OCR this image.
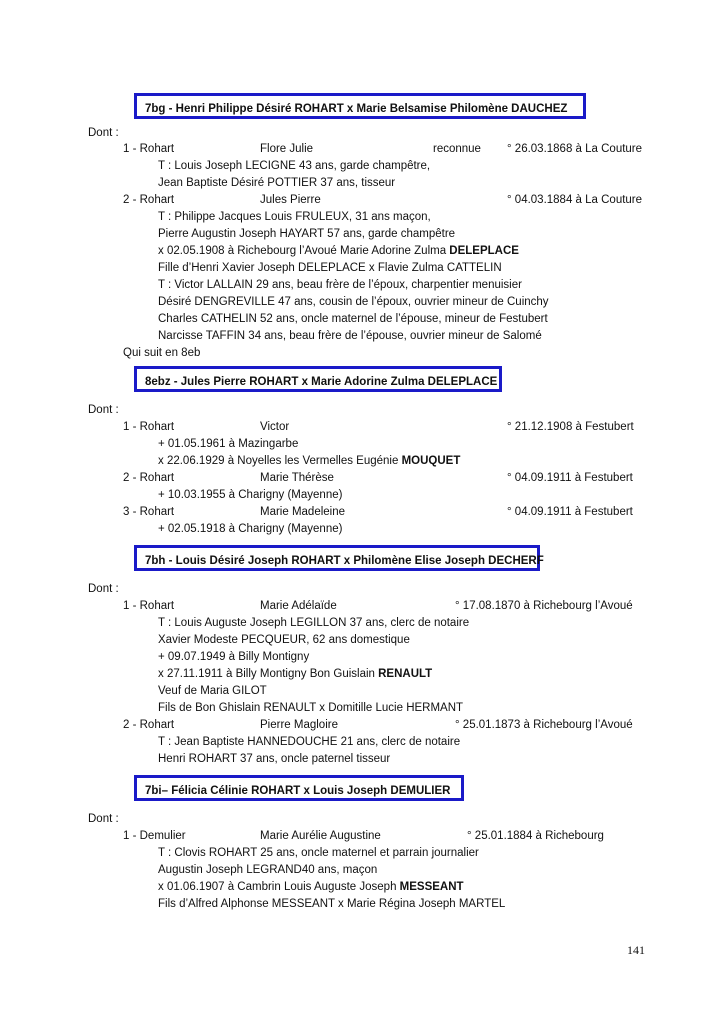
7bg - Henri Philippe Désiré ROHART x Marie Belsamise Philomène DAUCHEZ
Dont :
1 - Rohart	Flore Julie	reconnue ° 26.03.1868 à La Couture
T : Louis Joseph LECIGNE 43 ans, garde champêtre,
Jean Baptiste Désiré POTTIER 37 ans, tisseur
2 - Rohart	Jules Pierre	° 04.03.1884 à La Couture
T : Philippe Jacques Louis FRULEUX, 31 ans maçon,
Pierre Augustin Joseph HAYART 57 ans, garde champêtre
x 02.05.1908 à Richebourg l’Avoué Marie Adorine Zulma DELEPLACE
Fille d’Henri Xavier Joseph DELEPLACE x Flavie Zulma CATTELIN
T : Victor LALLAIN 29 ans, beau frère de l’époux, charpentier menuisier
Désiré DENGREVILLE 47 ans, cousin de l’époux, ouvrier mineur de Cuinchy
Charles CATHELIN 52 ans, oncle maternel de l’épouse, mineur de Festubert
Narcisse TAFFIN 34 ans, beau frère de l’épouse, ouvrier mineur de Salomé
Qui suit en 8eb
8ebz - Jules Pierre ROHART x Marie Adorine Zulma DELEPLACE
Dont :
1 - Rohart	Victor	° 21.12.1908 à Festubert
+ 01.05.1961 à Mazingarbe
x 22.06.1929 à Noyelles les Vermelles Eugénie MOUQUET
2 - Rohart	Marie Thérèse	° 04.09.1911 à Festubert
+ 10.03.1955 à Charigny (Mayenne)
3 - Rohart	Marie Madeleine	° 04.09.1911 à Festubert
+ 02.05.1918 à Charigny (Mayenne)
7bh - Louis Désiré Joseph ROHART x Philomène Elise Joseph DECHERF
Dont :
1 - Rohart	Marie Adélaïde	° 17.08.1870 à Richebourg l’Avoué
T : Louis Auguste Joseph LEGILLON 37 ans, clerc de notaire
Xavier Modeste PECQUEUR, 62 ans domestique
+ 09.07.1949 à Billy Montigny
x 27.11.1911 à Billy Montigny Bon Guislain RENAULT
Veuf de Maria GILOT
Fils de Bon Ghislain RENAULT x Domitille Lucie HERMANT
2 - Rohart	Pierre Magloire	° 25.01.1873 à Richebourg l’Avoué
T : Jean Baptiste HANNEDOUCHE 21 ans, clerc de notaire
Henri ROHART 37 ans, oncle paternel tisseur
7bi– Félicia Célinie ROHART x Louis Joseph DEMULIER
Dont :
1 - Demulier	Marie Aurélie Augustine	° 25.01.1884 à Richebourg
T : Clovis ROHART 25 ans, oncle maternel et parrain journalier
Augustin Joseph LEGRAND40 ans, maçon
x 01.06.1907 à Cambrin Louis Auguste Joseph MESSEANT
Fils d’Alfred Alphonse MESSEANT x Marie Régina Joseph MARTEL
141
